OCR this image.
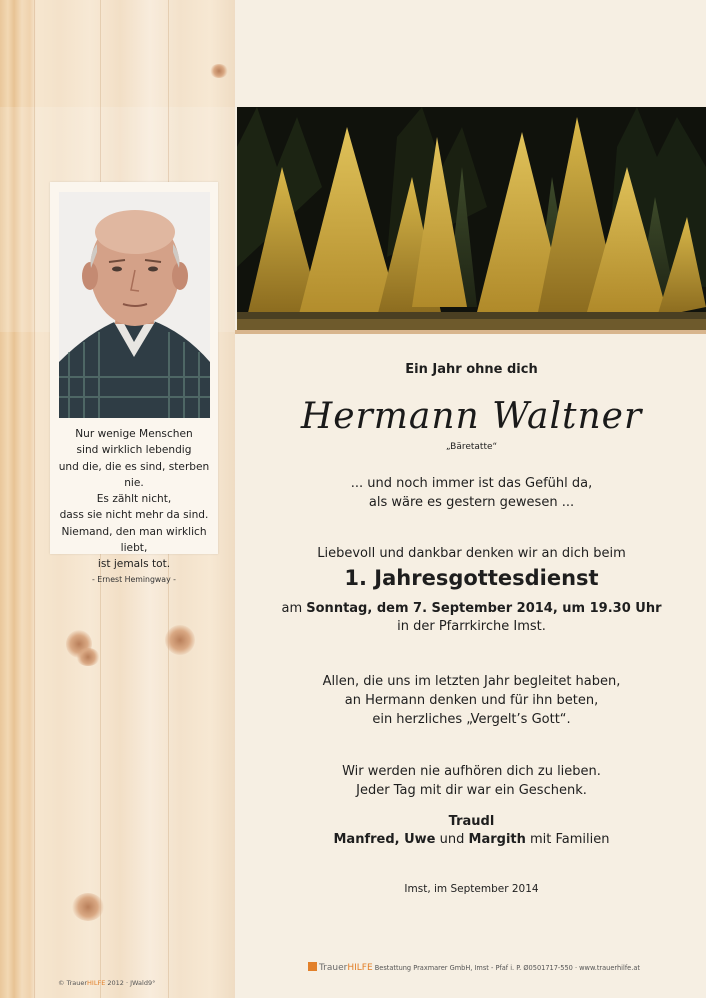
Nur wenige Menschen
sind wirklich lebendig
und die, die es sind, sterben nie.
Es zählt nicht,
dass sie nicht mehr da sind.
Niemand, den man wirklich liebt,
ist jemals tot.
- Ernest Hemingway -
© TrauerHILFE 2012 · JWald9°
Ein Jahr ohne dich
Hermann Waltner
„Bäretatte“
... und noch immer ist das Gefühl da,
als wäre es gestern gewesen ...
Liebevoll und dankbar denken wir an dich beim
1. Jahresgottesdienst
am Sonntag, dem 7. September 2014, um 19.30 Uhr
in der Pfarrkirche Imst.
Allen, die uns im letzten Jahr begleitet haben,
an Hermann denken und für ihn beten,
ein herzliches „Vergelt’s Gott“.
Wir werden nie aufhören dich zu lieben.
Jeder Tag mit dir war ein Geschenk.
Traudl
Manfred, Uwe und Margith mit Familien
Imst, im September 2014
TrauerHILFE Bestattung Praxmarer GmbH, Imst - Pfaf i. P. Ø0501717-550 · www.trauerhilfe.at
